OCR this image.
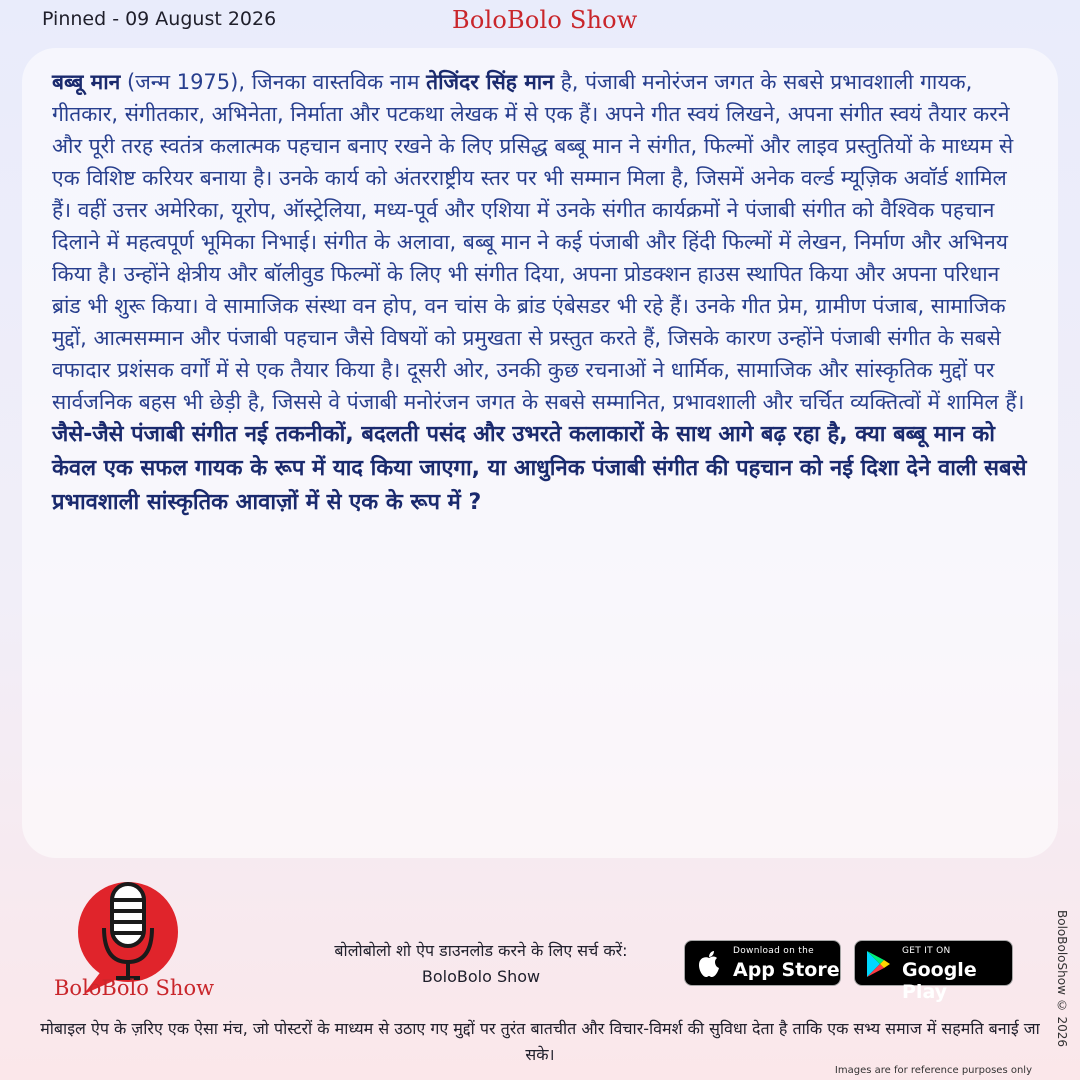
Pinned - 09 August 2026	BoloBolo Show

बब्बू मान (जन्म 1975), जिनका वास्तविक नाम तेजिंदर सिंह मान है, पंजाबी मनोरंजन जगत के सबसे प्रभावशाली गायक, गीतकार, संगीतकार, अभिनेता, निर्माता और पटकथा लेखक में से एक हैं। अपने गीत स्वयं लिखने, अपना संगीत स्वयं तैयार करने और पूरी तरह स्वतंत्र कलात्मक पहचान बनाए रखने के लिए प्रसिद्ध बब्बू मान ने संगीत, फिल्मों और लाइव प्रस्तुतियों के माध्यम से एक विशिष्ट करियर बनाया है। उनके कार्य को अंतरराष्ट्रीय स्तर पर भी सम्मान मिला है, जिसमें अनेक वर्ल्ड म्यूज़िक अवॉर्ड शामिल हैं। वहीं उत्तर अमेरिका, यूरोप, ऑस्ट्रेलिया, मध्य-पूर्व और एशिया में उनके संगीत कार्यक्रमों ने पंजाबी संगीत को वैश्विक पहचान दिलाने में महत्वपूर्ण भूमिका निभाई। संगीत के अलावा, बब्बू मान ने कई पंजाबी और हिंदी फिल्मों में लेखन, निर्माण और अभिनय किया है। उन्होंने क्षेत्रीय और बॉलीवुड फिल्मों के लिए भी संगीत दिया, अपना प्रोडक्शन हाउस स्थापित किया और अपना परिधान ब्रांड भी शुरू किया। वे सामाजिक संस्था वन होप, वन चांस के ब्रांड एंबेसडर भी रहे हैं। उनके गीत प्रेम, ग्रामीण पंजाब, सामाजिक मुद्दों, आत्मसम्मान और पंजाबी पहचान जैसे विषयों को प्रमुखता से प्रस्तुत करते हैं, जिसके कारण उन्होंने पंजाबी संगीत के सबसे वफादार प्रशंसक वर्गों में से एक तैयार किया है। दूसरी ओर, उनकी कुछ रचनाओं ने धार्मिक, सामाजिक और सांस्कृतिक मुद्दों पर सार्वजनिक बहस भी छेड़ी है, जिससे वे पंजाबी मनोरंजन जगत के सबसे सम्मानित, प्रभावशाली और चर्चित व्यक्तित्वों में शामिल हैं।

जैसे-जैसे पंजाबी संगीत नई तकनीकों, बदलती पसंद और उभरते कलाकारों के साथ आगे बढ़ रहा है, क्या बब्बू मान को केवल एक सफल गायक के रूप में याद किया जाएगा, या आधुनिक पंजाबी संगीत की पहचान को नई दिशा देने वाली सबसे प्रभावशाली सांस्कृतिक आवाज़ों में से एक के रूप में ?

BoloBolo Show
बोलोबोलो शो ऐप डाउनलोड करने के लिए सर्च करें:
BoloBolo Show
Download on the
App Store
GET IT ON
Google Play
मोबाइल ऐप के ज़रिए एक ऐसा मंच, जो पोस्टरों के माध्यम से उठाए गए मुद्दों पर तुरंत बातचीत और विचार-विमर्श की सुविधा देता है ताकि एक सभ्य समाज में सहमति बनाई जा सके।
Images are for reference purposes only
BoloBoloShow © 2026
